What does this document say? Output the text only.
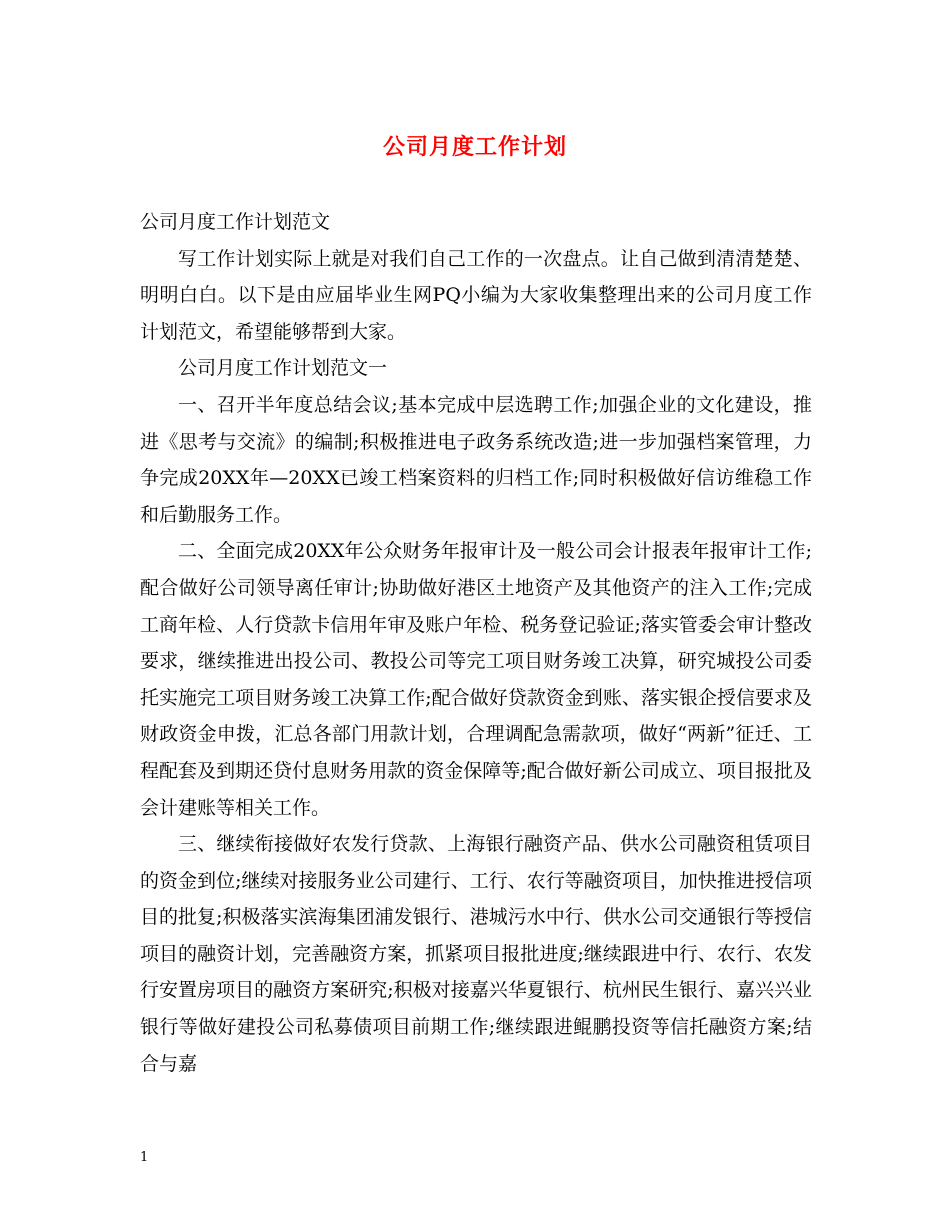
公司月度工作计划

公司月度工作计划范文

写工作计划实际上就是对我们自己工作的一次盘点。让自己做到清清楚楚、明明白白。以下是由应届毕业生网PQ小编为大家收集整理出来的公司月度工作计划范文，希望能够帮到大家。

公司月度工作计划范文一

一、召开半年度总结会议;基本完成中层选聘工作;加强企业的文化建设，推进《思考与交流》的编制;积极推进电子政务系统改造;进一步加强档案管理，力争完成20XX年—20XX已竣工档案资料的归档工作;同时积极做好信访维稳工作和后勤服务工作。

二、全面完成20XX年公众财务年报审计及一般公司会计报表年报审计工作;配合做好公司领导离任审计;协助做好港区土地资产及其他资产的注入工作;完成工商年检、人行贷款卡信用年审及账户年检、税务登记验证;落实管委会审计整改要求，继续推进出投公司、教投公司等完工项目财务竣工决算，研究城投公司委托实施完工项目财务竣工决算工作;配合做好贷款资金到账、落实银企授信要求及财政资金申拨，汇总各部门用款计划，合理调配急需款项，做好“两新”征迁、工程配套及到期还贷付息财务用款的资金保障等;配合做好新公司成立、项目报批及会计建账等相关工作。

三、继续衔接做好农发行贷款、上海银行融资产品、供水公司融资租赁项目的资金到位;继续对接服务业公司建行、工行、农行等融资项目，加快推进授信项目的批复;积极落实滨海集团浦发银行、港城污水中行、供水公司交通银行等授信项目的融资计划，完善融资方案，抓紧项目报批进度;继续跟进中行、农行、农发行安置房项目的融资方案研究;积极对接嘉兴华夏银行、杭州民生银行、嘉兴兴业银行等做好建投公司私募债项目前期工作;继续跟进鲲鹏投资等信托融资方案;结合与嘉

1
